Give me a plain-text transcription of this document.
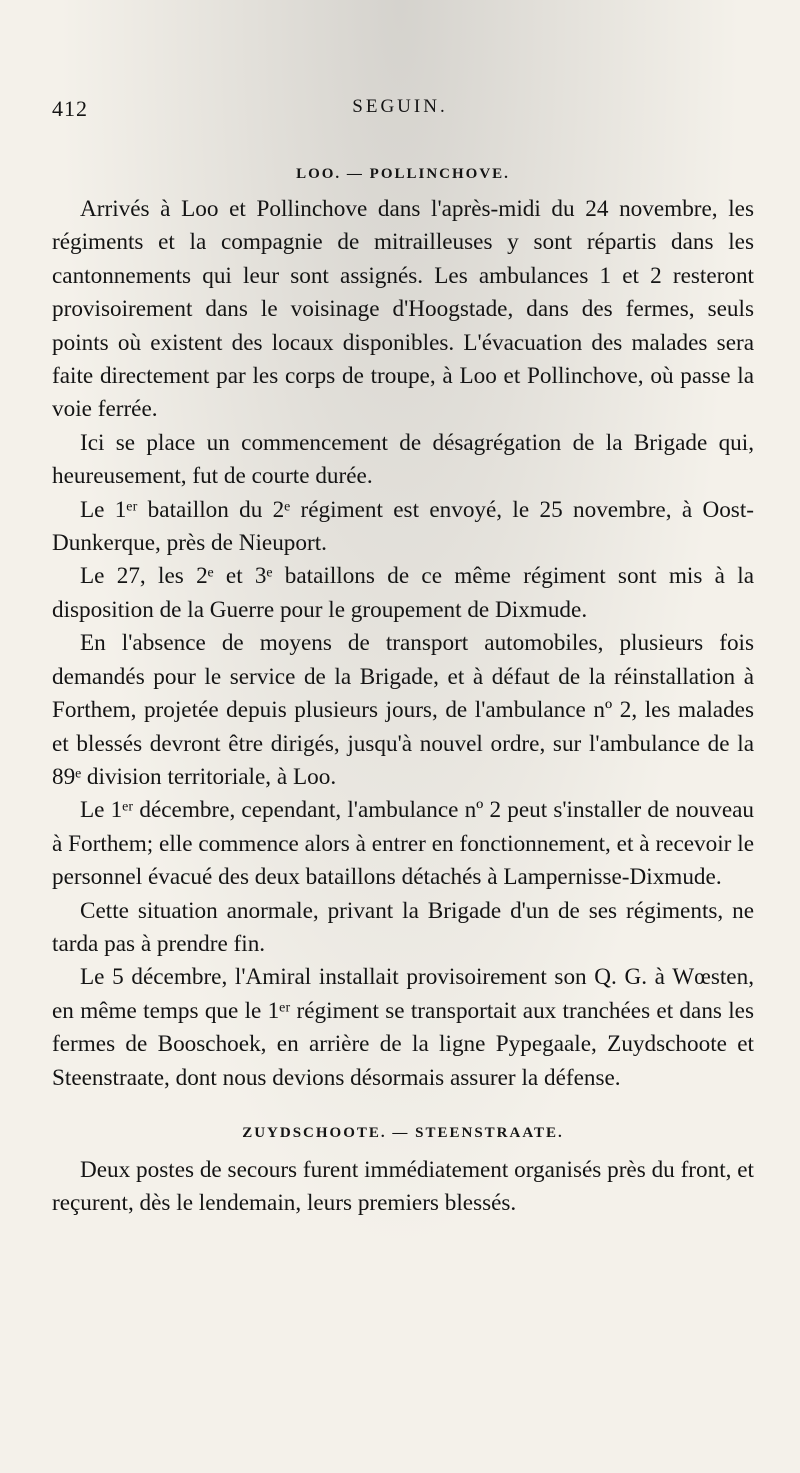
412	SEGUIN.
LOO. — POLLINCHOVE.

Arrivés à Loo et Pollinchove dans l'après-midi du 24 novembre, les régiments et la compagnie de mitrailleuses y sont répartis dans les cantonnements qui leur sont assignés. Les ambulances 1 et 2 resteront provisoirement dans le voisinage d'Hoogstade, dans des fermes, seuls points où existent des locaux disponibles. L'évacuation des malades sera faite directement par les corps de troupe, à Loo et Pollinchove, où passe la voie ferrée.

Ici se place un commencement de désagrégation de la Brigade qui, heureusement, fut de courte durée.

Le 1ᵉʳ bataillon du 2ᵉ régiment est envoyé, le 25 novembre, à Oost-Dunkerque, près de Nieuport.

Le 27, les 2ᵉ et 3ᵉ bataillons de ce même régiment sont mis à la disposition de la Guerre pour le groupement de Dixmude.

En l'absence de moyens de transport automobiles, plusieurs fois demandés pour le service de la Brigade, et à défaut de la réinstallation à Forthem, projetée depuis plusieurs jours, de l'ambulance nº 2, les malades et blessés devront être dirigés, jusqu'à nouvel ordre, sur l'ambulance de la 89ᵉ division territoriale, à Loo.

Le 1ᵉʳ décembre, cependant, l'ambulance nº 2 peut s'installer de nouveau à Forthem; elle commence alors à entrer en fonctionnement, et à recevoir le personnel évacué des deux bataillons détachés à Lampernisse-Dixmude.

Cette situation anormale, privant la Brigade d'un de ses régiments, ne tarda pas à prendre fin.

Le 5 décembre, l'Amiral installait provisoirement son Q. G. à Wœsten, en même temps que le 1ᵉʳ régiment se transportait aux tranchées et dans les fermes de Booschoek, en arrière de la ligne Pypegaale, Zuydschoote et Steenstraate, dont nous devions désormais assurer la défense.

ZUYDSCHOOTE. — STEENSTRAATE.

Deux postes de secours furent immédiatement organisés près du front, et reçurent, dès le lendemain, leurs premiers blessés.
